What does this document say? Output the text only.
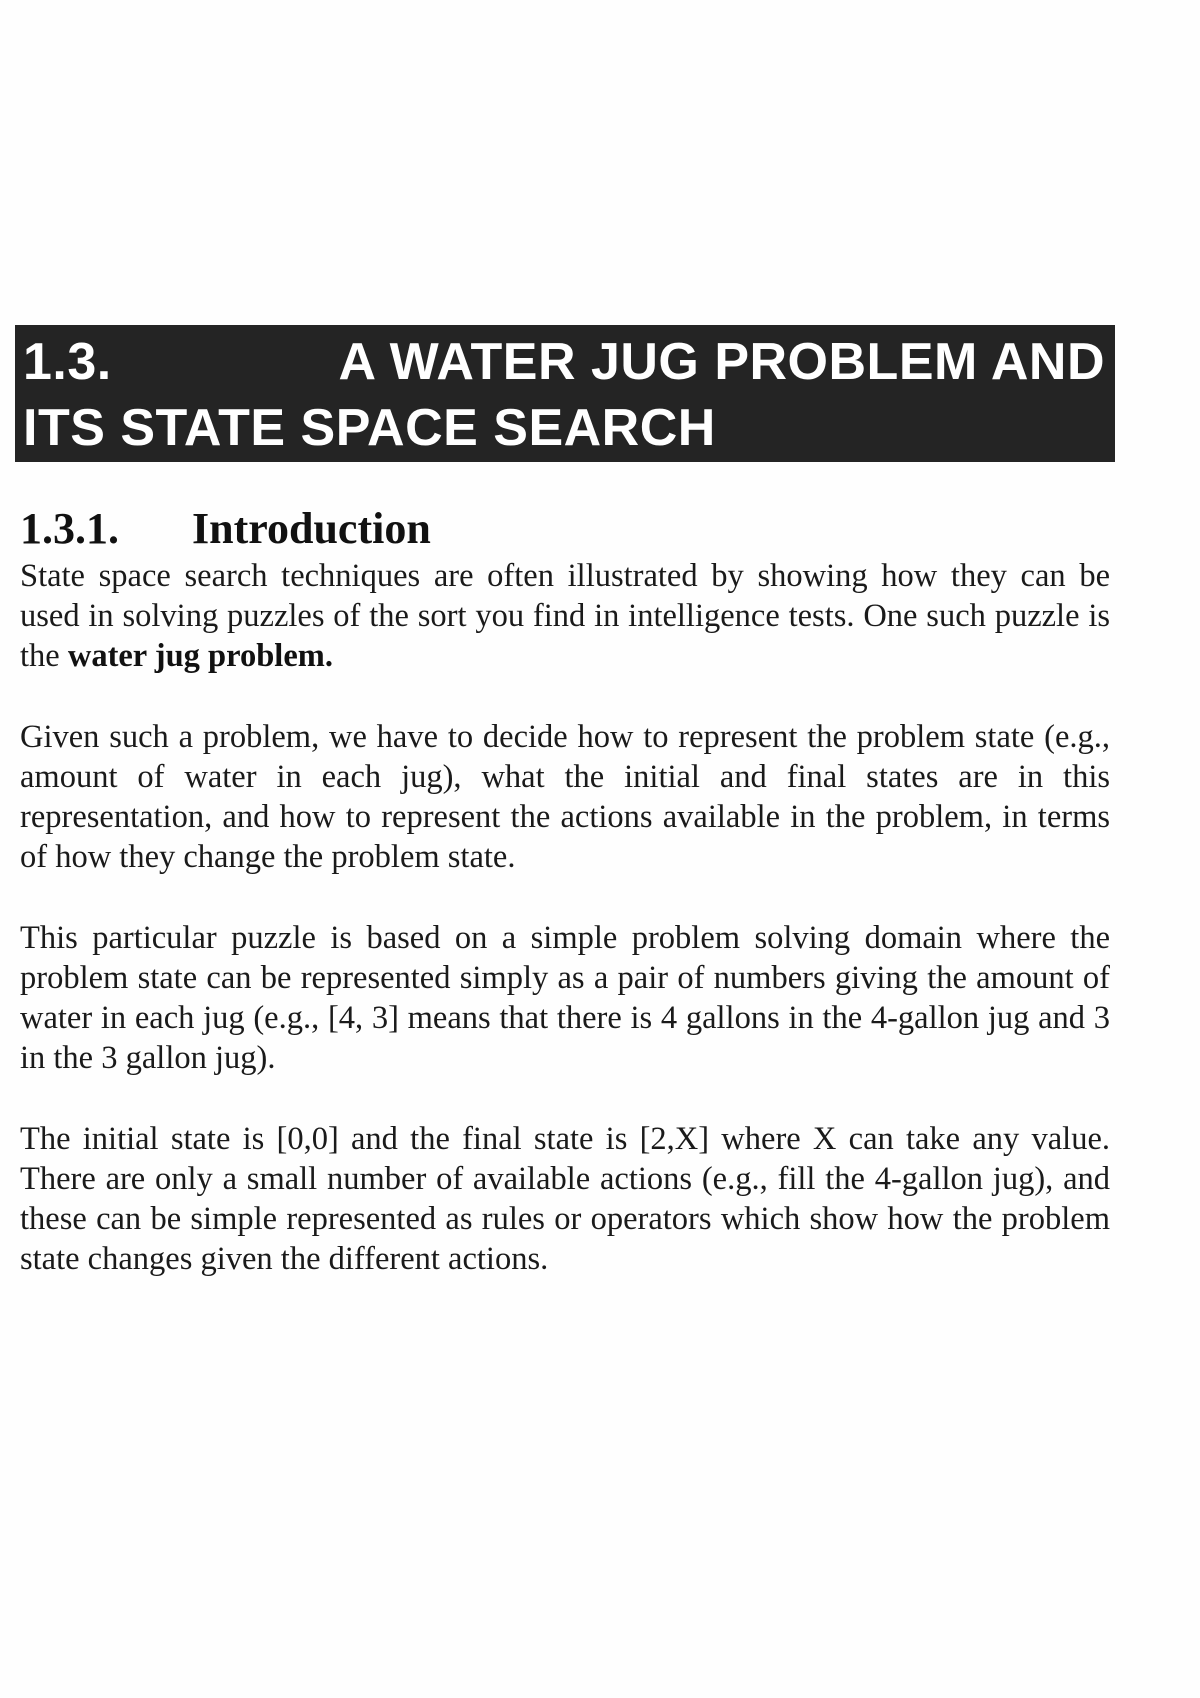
1.3.	A WATER JUG PROBLEM AND
ITS STATE SPACE SEARCH
1.3.1. Introduction

State space search techniques are often illustrated by showing how they can be used in solving puzzles of the sort you find in intelligence tests. One such puzzle is the water jug problem.

Given such a problem, we have to decide how to represent the problem state (e.g., amount of water in each jug), what the initial and final states are in this representation, and how to represent the actions available in the problem, in terms of how they change the problem state.

This particular puzzle is based on a simple problem solving domain where the problem state can be represented simply as a pair of numbers giving the amount of water in each jug (e.g., [4, 3] means that there is 4 gallons in the 4-gallon jug and 3 in the 3 gallon jug).

The initial state is [0,0] and the final state is [2,X] where X can take any value. There are only a small number of available actions (e.g., fill the 4-gallon jug), and these can be simple represented as rules or operators which show how the problem state changes given the different actions.
